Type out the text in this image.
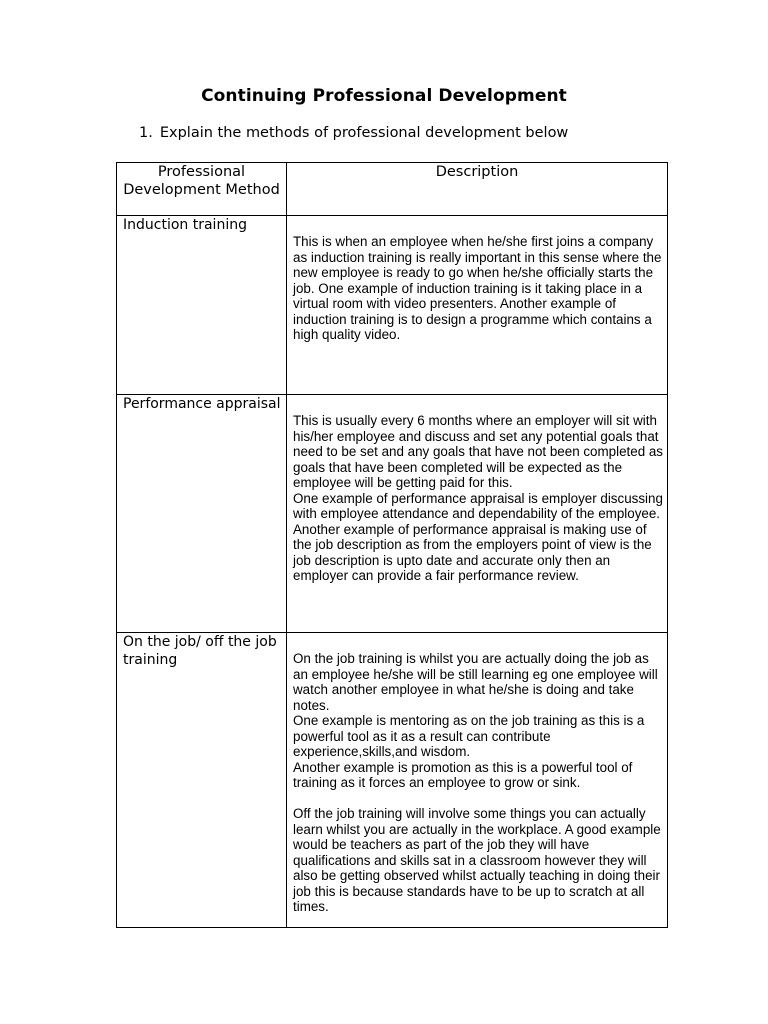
Continuing Professional Development
1. Explain the methods of professional development below
Professional Development Method	Description
Induction training	This is when an employee when he/she first joins a company as induction training is really important in this sense where the new employee is ready to go when he/she officially starts the job. One example of induction training is it taking place in a virtual room with video presenters. Another example of induction training is to design a programme which contains a high quality video.

Performance appraisal	This is usually every 6 months where an employer will sit with his/her employee and discuss and set any potential goals that need to be set and any goals that have not been completed as goals that have been completed will be expected as the employee will be getting paid for this.

One example of performance appraisal is employer discussing with employee attendance and dependability of the employee.

Another example of performance appraisal is making use of the job description as from the employers point of view is the job description is upto date and accurate only then an employer can provide a fair performance review.

On the job/ off the job training	On the job training is whilst you are actually doing the job as an employee he/she will be still learning eg one employee will watch another employee in what he/she is doing and take notes.

One example is mentoring as on the job training as this is a powerful tool as it as a result can contribute experience,skills,and wisdom.

Another example is promotion as this is a powerful tool of training as it forces an employee to grow or sink.

Off the job training will involve some things you can actually learn whilst you are actually in the workplace. A good example would be teachers as part of the job they will have qualifications and skills sat in a classroom however they will also be getting observed whilst actually teaching in doing their job this is because standards have to be up to scratch at all times.
